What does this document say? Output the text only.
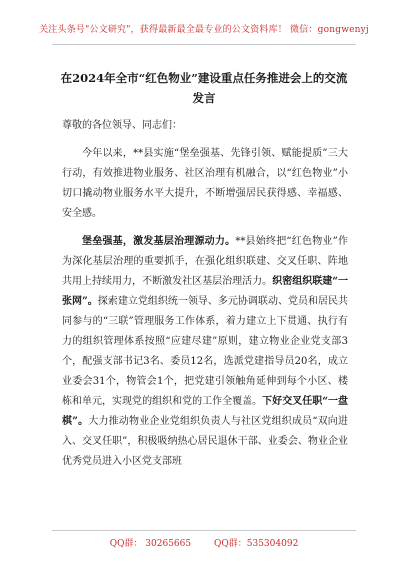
关注头条号"公文研究"，获得最新最全最专业的公文资料库！ 微信：gongwenyj
在2024年全市“红色物业”建设重点任务推进会上的交流
发言

尊敬的各位领导、同志们：

今年以来，**县实施“堡垒强基、先锋引领、赋能提质”三大行动，有效推进物业服务、社区治理有机融合，以“红色物业”小切口撬动物业服务水平大提升，不断增强居民获得感、幸福感、安全感。

堡垒强基，激发基层治理源动力。**县始终把“红色物业”作为深化基层治理的重要抓手，在强化组织联建、交叉任职、阵地共用上持续用力，不断激发社区基层治理活力。织密组织联建“一张网”。探索建立党组织统一领导、多元协调联动、党员和居民共同参与的“三联”管理服务工作体系，着力建立上下贯通、执行有力的组织管理体系按照“应建尽建”原则，建立物业企业党支部3个，配强支部书记3名、委员12名，选派党建指导员20名，成立业委会31个，物管会1个，把党建引领触角延伸到每个小区、楼栋和单元，实现党的组织和党的工作全覆盖。下好交叉任职“一盘棋”。大力推动物业企业党组织负责人与社区党组织成员“双向进入、交叉任职”，积极吸纳热心居民退休干部、业委会、物业企业优秀党员进入小区党支部班

QQ群： 30265665	QQ群：535304092
